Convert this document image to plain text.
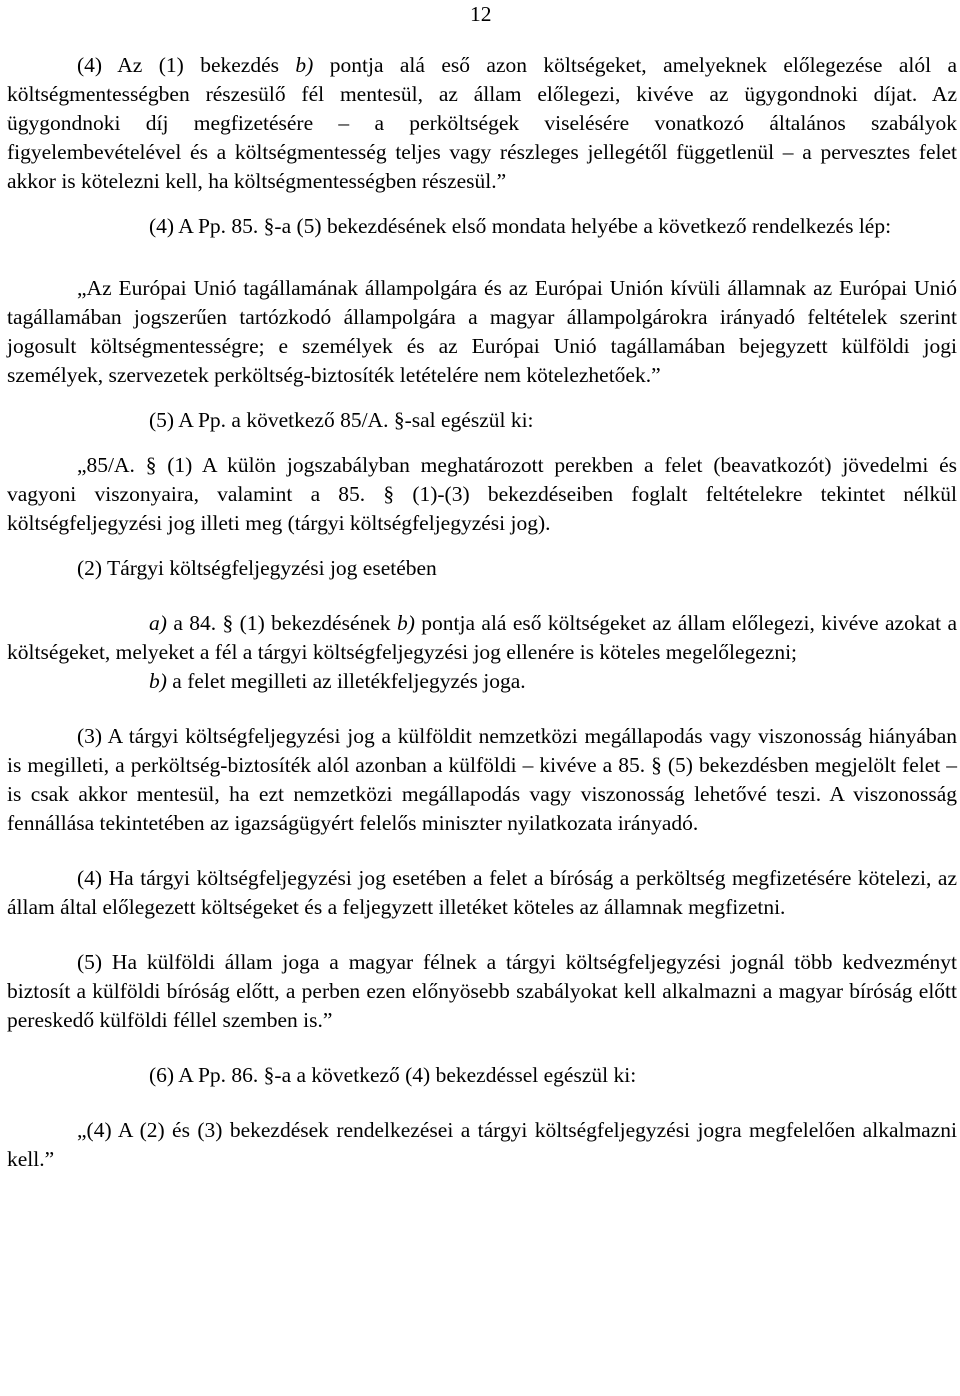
12

(4) Az (1) bekezdés b) pontja alá eső azon költségeket, amelyeknek előlegezése alól a költségmentességben részesülő fél mentesül, az állam előlegezi, kivéve az ügygondnoki díjat. Az ügygondnoki díj megfizetésére – a perköltségek viselésére vonatkozó általános szabályok figyelembevételével és a költségmentesség teljes vagy részleges jellegétől függetlenül – a pervesztes felet akkor is kötelezni kell, ha költségmentességben részesül.”

(4) A Pp. 85. §-a (5) bekezdésének első mondata helyébe a következő rendelkezés lép:

„Az Európai Unió tagállamának állampolgára és az Európai Unión kívüli államnak az Európai Unió tagállamában jogszerűen tartózkodó állampolgára a magyar állampolgárokra irányadó feltételek szerint jogosult költségmentességre; e személyek és az Európai Unió tagállamában bejegyzett külföldi jogi személyek, szervezetek perköltség-biztosíték letételére nem kötelezhetőek.”

(5) A Pp. a következő 85/A. §-sal egészül ki:

„85/A. § (1) A külön jogszabályban meghatározott perekben a felet (beavatkozót) jövedelmi és vagyoni viszonyaira, valamint a 85. § (1)-(3) bekezdéseiben foglalt feltételekre tekintet nélkül költségfeljegyzési jog illeti meg (tárgyi költségfeljegyzési jog).

(2) Tárgyi költségfeljegyzési jog esetében

a) a 84. § (1) bekezdésének b) pontja alá eső költségeket az állam előlegezi, kivéve azokat a költségeket, melyeket a fél a tárgyi költségfeljegyzési jog ellenére is köteles megelőlegezni;

b) a felet megilleti az illetékfeljegyzés joga.

(3) A tárgyi költségfeljegyzési jog a külföldit nemzetközi megállapodás vagy viszonosság hiányában is megilleti, a perköltség-biztosíték alól azonban a külföldi – kivéve a 85. § (5) bekezdésben megjelölt felet – is csak akkor mentesül, ha ezt nemzetközi megállapodás vagy viszonosság lehetővé teszi. A viszonosság fennállása tekintetében az igazságügyért felelős miniszter nyilatkozata irányadó.

(4) Ha tárgyi költségfeljegyzési jog esetében a felet a bíróság a perköltség megfizetésére kötelezi, az állam által előlegezett költségeket és a feljegyzett illetéket köteles az államnak megfizetni.

(5) Ha külföldi állam joga a magyar félnek a tárgyi költségfeljegyzési jognál több kedvezményt biztosít a külföldi bíróság előtt, a perben ezen előnyösebb szabályokat kell alkalmazni a magyar bíróság előtt pereskedő külföldi féllel szemben is.”

(6) A Pp. 86. §-a a következő (4) bekezdéssel egészül ki:

„(4) A (2) és (3) bekezdések rendelkezései a tárgyi költségfeljegyzési jogra megfelelően alkalmazni kell.”
